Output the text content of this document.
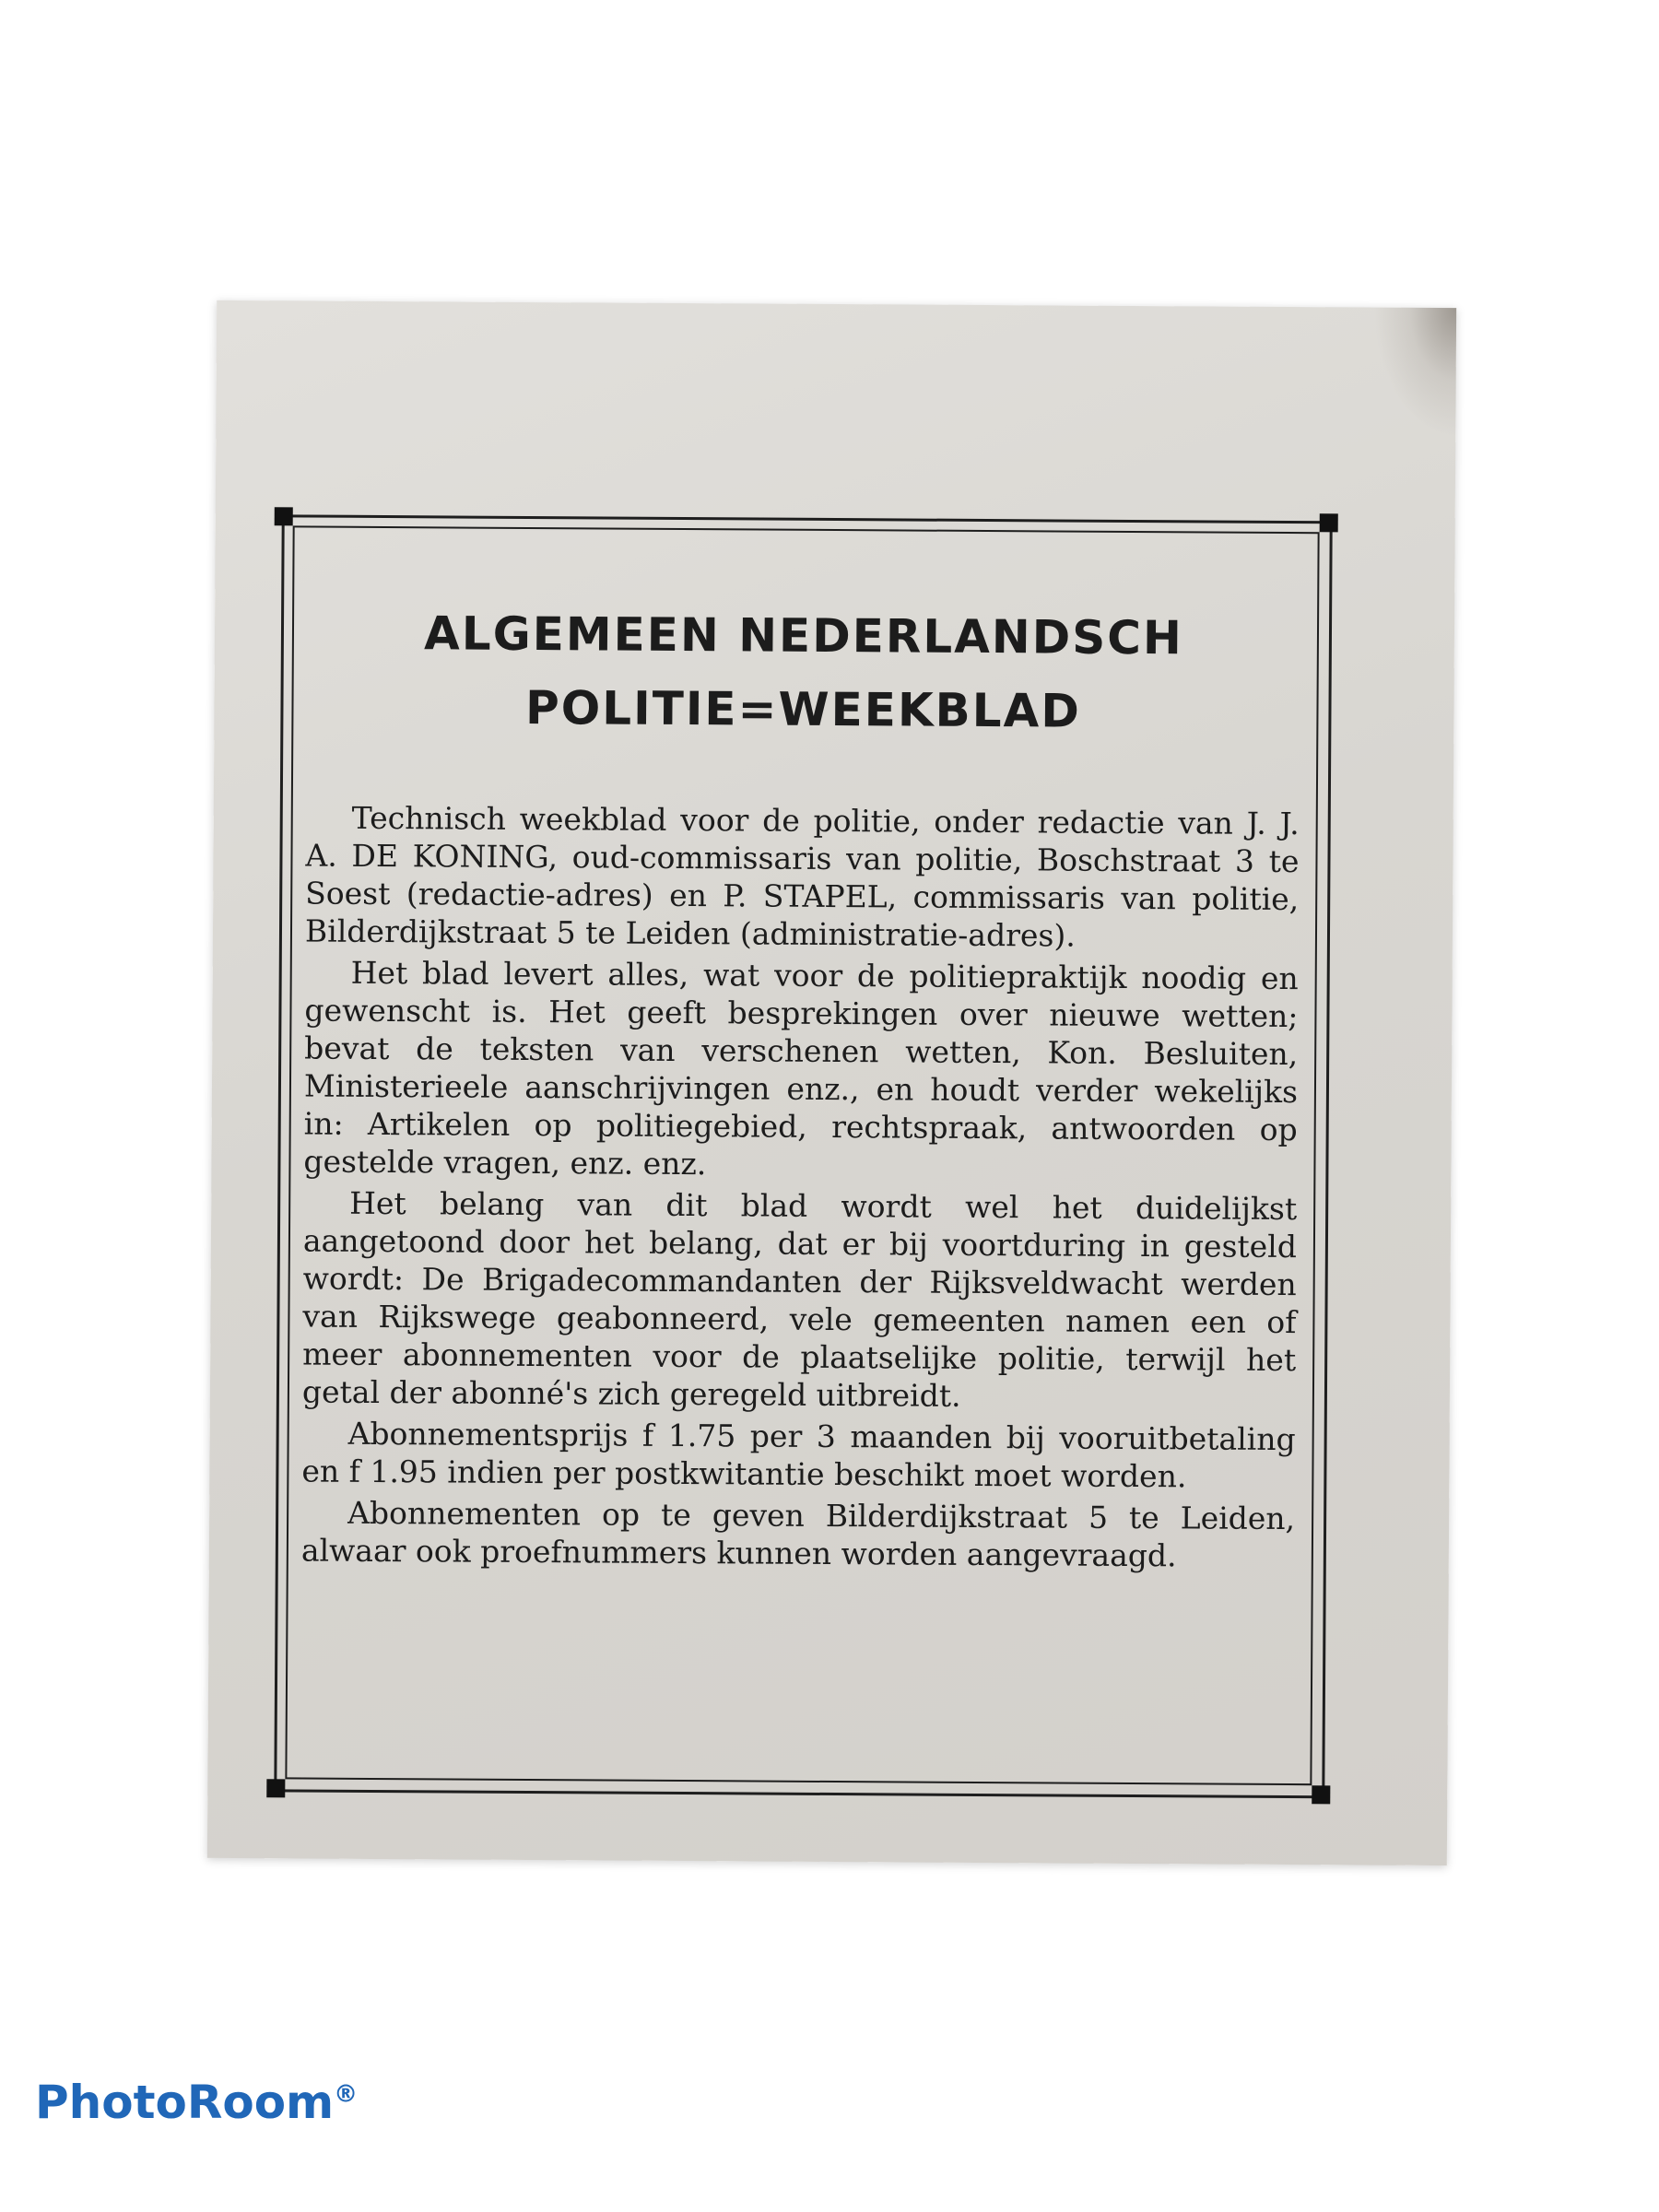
ALGEMEEN NEDERLANDSCH
POLITIE=WEEKBLAD

Technisch weekblad voor de politie, onder redactie van J. J. A. DE KONING, oud-commissaris van politie, Boschstraat 3 te Soest (redactie-adres) en P. STAPEL, commissaris van politie, Bilderdijkstraat 5 te Leiden (administratie-adres).

Het blad levert alles, wat voor de politiepraktijk noodig en gewenscht is. Het geeft besprekingen over nieuwe wetten; bevat de teksten van verschenen wetten, Kon. Besluiten, Ministerieele aanschrijvingen enz., en houdt verder wekelijks in: Artikelen op politiegebied, rechtspraak, antwoorden op gestelde vragen, enz. enz.

Het belang van dit blad wordt wel het duidelijkst aangetoond door het belang, dat er bij voortduring in gesteld wordt: De Brigadecommandanten der Rijksveldwacht werden van Rijkswege geabonneerd, vele gemeenten namen een of meer abonnementen voor de plaatselijke politie, terwijl het getal der abonné's zich geregeld uitbreidt.

Abonnementsprijs f 1.75 per 3 maanden bij vooruitbetaling en f 1.95 indien per postkwitantie beschikt moet worden.

Abonnementen op te geven Bilderdijkstraat 5 te Leiden, alwaar ook proefnummers kunnen worden aangevraagd.

PhotoRoom®
